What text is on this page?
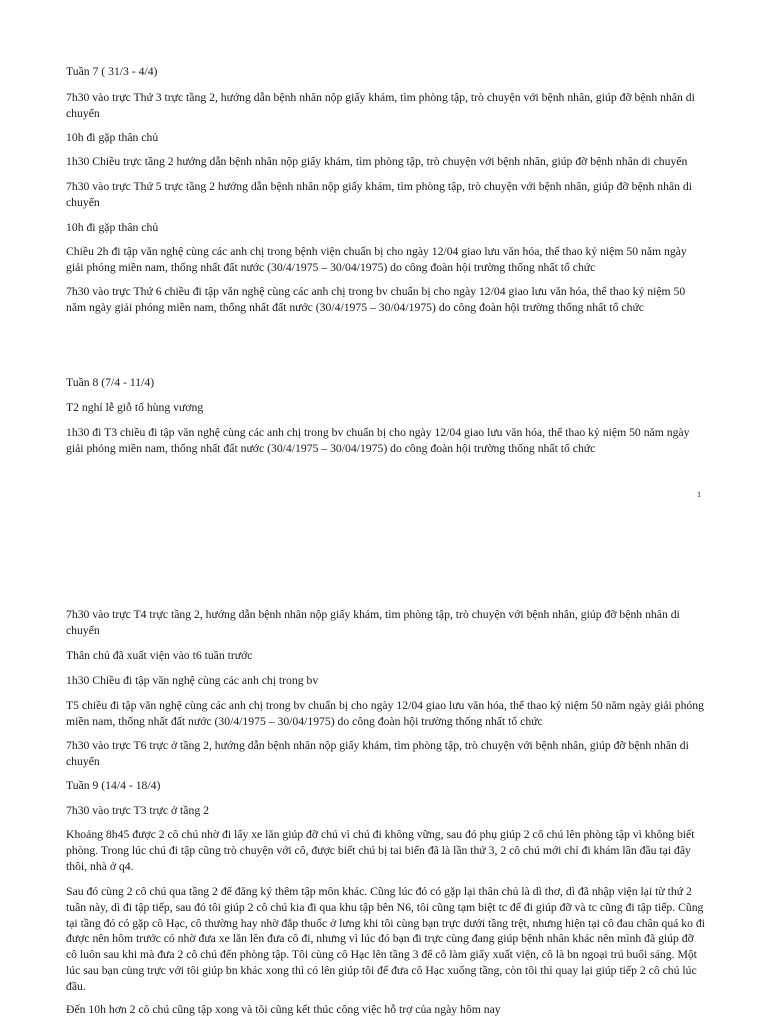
Tuần 7 ( 31/3 - 4/4)

7h30 vào trực Thứ 3 trực tầng 2, hướng dẫn bệnh nhân nộp giấy khám, tìm phòng tập, trò chuyện với bệnh nhân, giúp đỡ bệnh nhân di chuyển

10h đi gặp thân chủ

1h30 Chiều trực tầng 2 hướng dẫn bệnh nhân nộp giấy khám, tìm phòng tập, trò chuyện với bệnh nhân, giúp đỡ bệnh nhân di chuyển

7h30 vào trực Thứ 5 trực tầng 2 hướng dẫn bệnh nhân nộp giấy khám, tìm phòng tập, trò chuyện với bệnh nhân, giúp đỡ bệnh nhân di chuyển

10h đi gặp thân chủ

Chiều 2h đi tập văn nghệ cùng các anh chị trong bệnh viện chuẩn bị cho ngày 12/04 giao lưu văn hóa, thể thao kỷ niệm 50 năm ngày giải phóng miền nam, thống nhất đất nước (30/4/1975 – 30/04/1975) do công đoàn hội trường thống nhất tổ chức

7h30 vào trực Thứ 6 chiều đi tập văn nghệ cùng các anh chị trong bv chuẩn bị cho ngày 12/04 giao lưu văn hóa, thể thao kỷ niệm 50 năm ngày giải phóng miền nam, thống nhất đất nước (30/4/1975 – 30/04/1975) do công đoàn hội trường thống nhất tổ chức

Tuần 8 (7/4 - 11/4)

T2 nghỉ lễ giỗ tổ hùng vương

1h30 đi T3 chiều đi tập văn nghệ cùng các anh chị trong bv chuẩn bị cho ngày 12/04 giao lưu văn hóa, thể thao kỷ niệm 50 năm ngày giải phóng miền nam, thống nhất đất nước (30/4/1975 – 30/04/1975) do công đoàn hội trường thống nhất tổ chức

1

7h30 vào trực T4 trực tầng 2, hướng dẫn bệnh nhân nộp giấy khám, tìm phòng tập, trò chuyện với bệnh nhân, giúp đỡ bệnh nhân di chuyển

Thân chủ đã xuất viện vào t6 tuần trước

1h30 Chiều đi tập văn nghệ cùng các anh chị trong bv

T5 chiều đi tập văn nghệ cùng các anh chị trong bv chuẩn bị cho ngày 12/04 giao lưu văn hóa, thể thao kỷ niệm 50 năm ngày giải phóng miền nam, thống nhất đất nước (30/4/1975 – 30/04/1975) do công đoàn hội trường thống nhất tổ chức

7h30 vào trực T6 trực ở tầng 2, hướng dẫn bệnh nhân nộp giấy khám, tìm phòng tập, trò chuyện với bệnh nhân, giúp đỡ bệnh nhân di chuyển

Tuần 9 (14/4 - 18/4)

7h30 vào trực T3 trực ở tầng 2

Khoảng 8h45 được 2 cô chú nhờ đi lấy xe lăn giúp đỡ chú vì chú đi không vững, sau đó phụ giúp 2 cô chú lên phòng tập vì không biết phòng. Trong lúc chú đi tập cũng trò chuyện với cô, được biết chú bị tai biến đã là lần thứ 3, 2 cô chú mới chỉ đi khám lần đầu tại đây thôi, nhà ở q4.

Sau đó cùng 2 cô chú qua tầng 2 để đăng ký thêm tập môn khác. Cũng lúc đó có gặp lại thân chủ là dì thơ, dì đã nhập viện lại từ thứ 2 tuần này, dì đi tập tiếp, sau đó tôi giúp 2 cô chú kia đi qua khu tập bên N6, tôi cũng tạm biệt tc để đi giúp đỡ và tc cũng đi tập tiếp. Cũng tại tầng đó có gặp cô Hạc, cô thường hay nhờ đắp thuốc ở lưng khi tôi cùng bạn trực dưới tầng trệt, nhưng hiện tại cô đau chân quá ko đi được nên hôm trước có nhờ đưa xe lăn lên đưa cô đi, nhưng vì lúc đó bạn đi trực cùng đang giúp bệnh nhân khác nên mình đã giúp đỡ cô luôn sau khi mà đưa 2 cô chú đến phòng tập. Tôi cùng cô Hạc lên tầng 3 để cô làm giấy xuất viện, cô là bn ngoại trú buổi sáng. Một lúc sau bạn cùng trực với tôi giúp bn khác xong thì có lên giúp tôi để đưa cô Hạc xuống tầng, còn tôi thì quay lại giúp tiếp 2 cô chú lúc đầu.

Đến 10h hơn 2 cô chú cũng tập xong và tôi cũng kết thúc công việc hỗ trợ của ngày hôm nay
